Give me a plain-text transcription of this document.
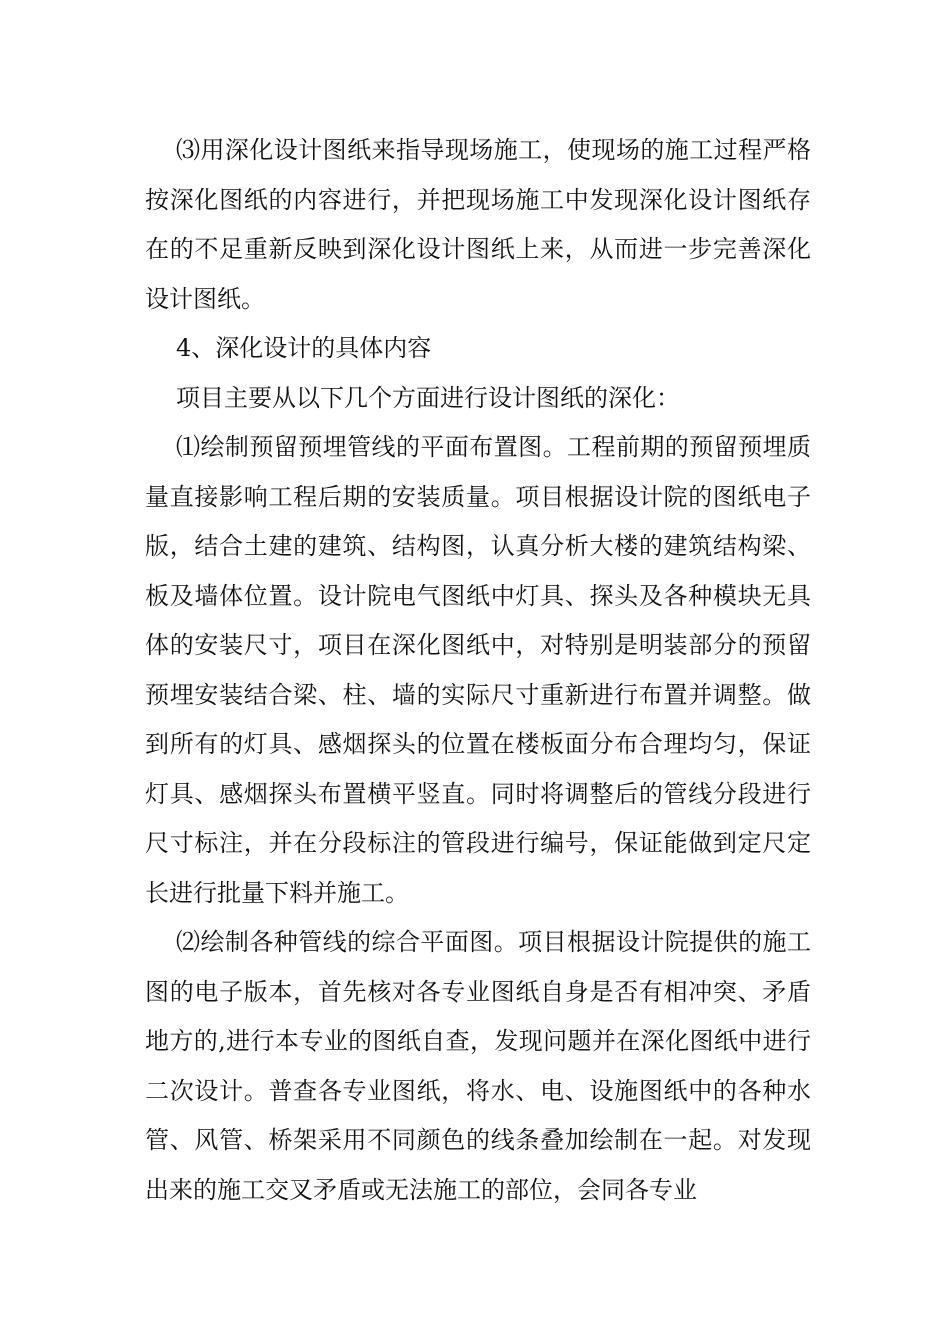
⑶用深化设计图纸来指导现场施工，使现场的施工过程严格按深化图纸的内容进行，并把现场施工中发现深化设计图纸存在的不足重新反映到深化设计图纸上来，从而进一步完善深化设计图纸。

4、深化设计的具体内容

项目主要从以下几个方面进行设计图纸的深化：

⑴绘制预留预埋管线的平面布置图。工程前期的预留预埋质量直接影响工程后期的安装质量。项目根据设计院的图纸电子版，结合土建的建筑、结构图，认真分析大楼的建筑结构梁、板及墙体位置。设计院电气图纸中灯具、探头及各种模块无具体的安装尺寸，项目在深化图纸中，对特别是明装部分的预留预埋安装结合梁、柱、墙的实际尺寸重新进行布置并调整。做到所有的灯具、感烟探头的位置在楼板面分布合理均匀，保证灯具、感烟探头布置横平竖直。同时将调整后的管线分段进行尺寸标注，并在分段标注的管段进行编号，保证能做到定尺定长进行批量下料并施工。

⑵绘制各种管线的综合平面图。项目根据设计院提供的施工图的电子版本，首先核对各专业图纸自身是否有相冲突、矛盾地方的,进行本专业的图纸自查，发现问题并在深化图纸中进行二次设计。普查各专业图纸，将水、电、设施图纸中的各种水管、风管、桥架采用不同颜色的线条叠加绘制在一起。对发现出来的施工交叉矛盾或无法施工的部位，会同各专业
